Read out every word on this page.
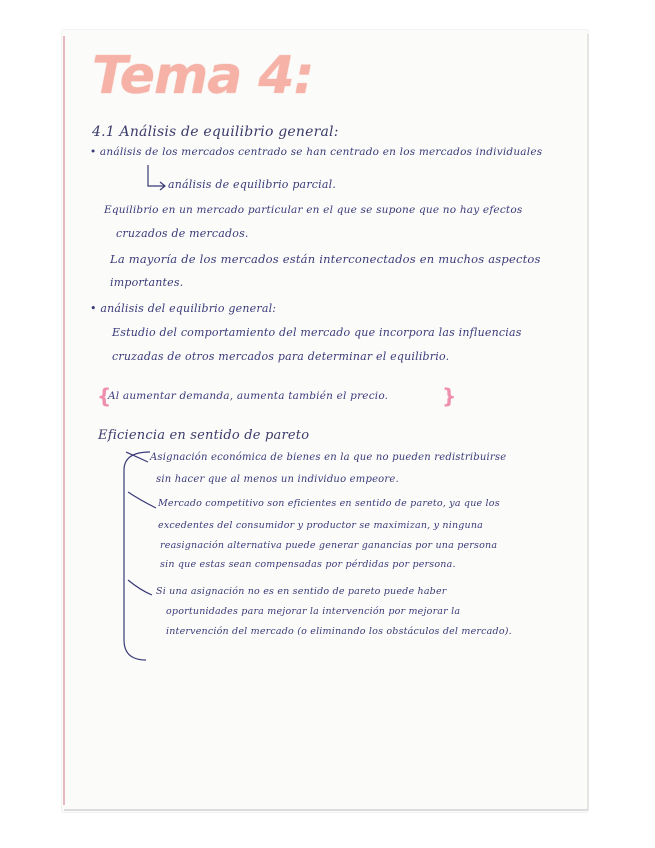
Tema 4:
4.1 Análisis de equilibrio general:
• análisis de los mercados centrado se han centrado en los mercados individuales
análisis de equilibrio parcial.
Equilibrio en un mercado particular en el que se supone que no hay efectos
cruzados de mercados.
La mayoría de los mercados están interconectados en muchos aspectos
importantes.
• análisis del equilibrio general:
Estudio del comportamiento del mercado que incorpora las influencias
cruzadas de otros mercados para determinar el equilibrio.
{
Al aumentar demanda, aumenta también el precio.	}
Eficiencia en sentido de pareto
Asignación económica de bienes en la que no pueden redistribuirse
sin hacer que al menos un individuo empeore.
Mercado competitivo son eficientes en sentido de pareto, ya que los
excedentes del consumidor y productor se maximizan, y ninguna
reasignación alternativa puede generar ganancias por una persona
sin que estas sean compensadas por pérdidas por persona.
Si una asignación no es en sentido de pareto puede haber
oportunidades para mejorar la intervención por mejorar la
intervención del mercado (o eliminando los obstáculos del mercado).
